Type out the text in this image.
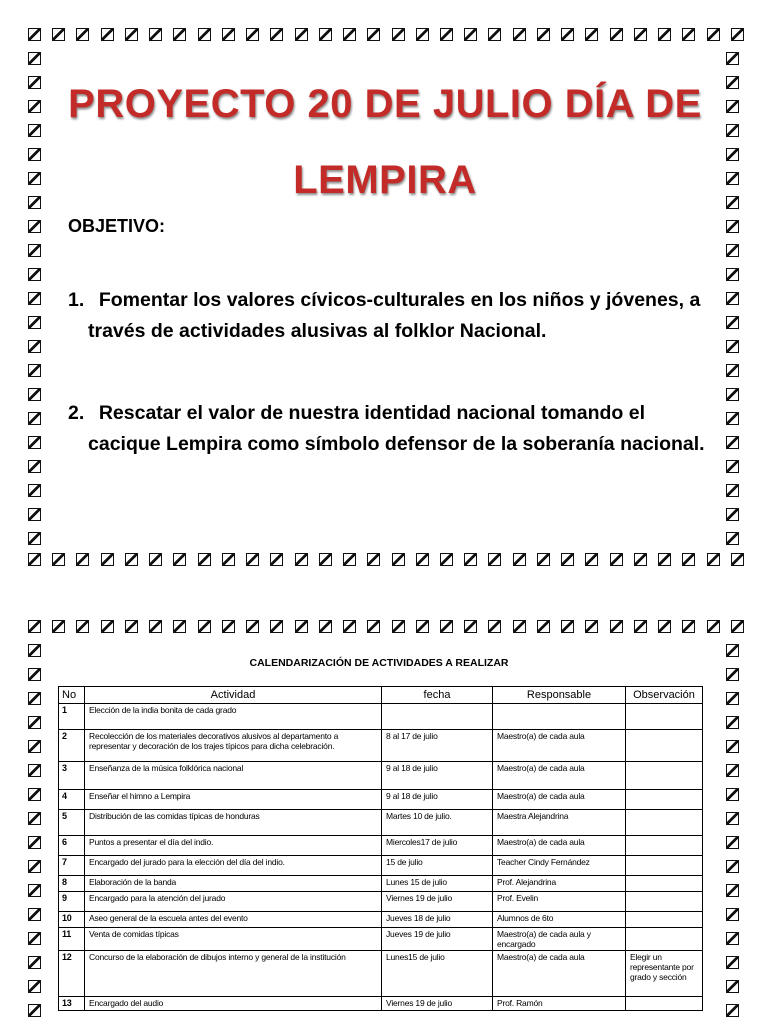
PROYECTO 20 DE JULIO DÍA DE
LEMPIRA
OBJETIVO:
1. Fomentar los valores cívicos-culturales en los niños y jóvenes, a
través de actividades alusivas al folklor Nacional.
2. Rescatar el valor de nuestra identidad nacional tomando el
cacique Lempira como símbolo defensor de la soberanía nacional.
CALENDARIZACIÓN DE ACTIVIDADES A REALIZAR
No	Actividad	fecha	Responsable	Observación
1	Elección de la india bonita de cada grado			
2	Recolección de los materiales decorativos alusivos al departamento a representar y decoración de los trajes típicos para dicha celebración.	8 al 17 de julio	Maestro(a) de cada aula	
3	Enseñanza de la música folklórica nacional	9 al 18 de julio	Maestro(a) de cada aula	
4	Enseñar el himno a Lempira	9 al 18 de julio	Maestro(a) de cada aula	
5	Distribución de las comidas típicas de honduras	Martes 10 de julio.	Maestra Alejandrina	
6	Puntos a presentar el día del indio.	Miercoles17 de julio	Maestro(a) de cada aula	
7	Encargado del jurado para la elección del día del indio.	15 de julio	Teacher Cindy Fernández	
8	Elaboración de la banda	Lunes 15 de julio	Prof. Alejandrina	
9	Encargado para la atención del jurado	Viernes 19 de julio	Prof. Evelin	
10	Aseo general de la escuela antes del evento	Jueves 18 de julio	Alumnos de 6to	
11	Venta de comidas típicas	Jueves 19 de julio	Maestro(a) de cada aula y encargado	
12	Concurso de la elaboración de dibujos interno y general de la institución	Lunes15 de julio	Maestro(a) de cada aula	Elegir un representante por grado y sección
13	Encargado del audio	Viernes 19 de julio	Prof. Ramón	
